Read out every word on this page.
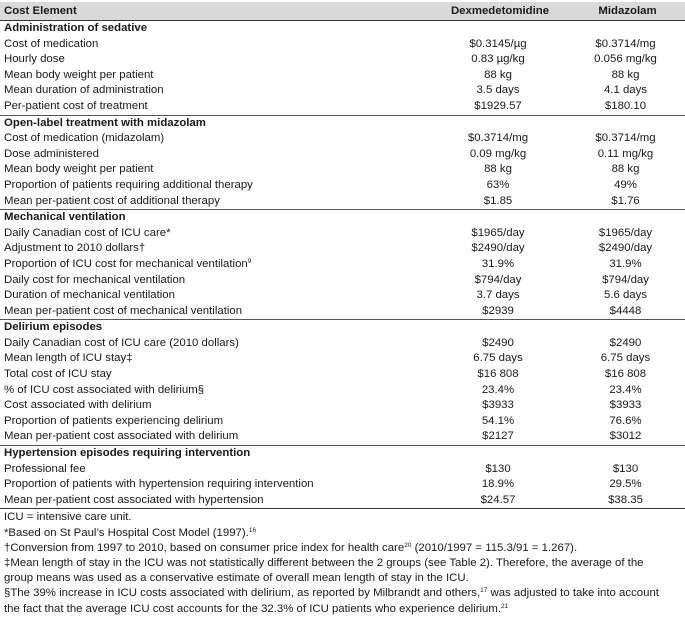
Cost Element	Dexmedetomidine	Midazolam
Administration of sedative		
Cost of medication	$0.3145/µg	$0.3714/mg
Hourly dose	0.83 µg/kg	0.056 mg/kg
Mean body weight per patient	88 kg	88 kg
Mean duration of administration	3.5 days	4.1 days
Per-patient cost of treatment	$1929.57	$180.10
Open-label treatment with midazolam		
Cost of medication (midazolam)	$0.3714/mg	$0.3714/mg
Dose administered	0.09 mg/kg	0.11 mg/kg
Mean body weight per patient	88 kg	88 kg
Proportion of patients requiring additional therapy	63%	49%
Mean per-patient cost of additional therapy	$1.85	$1.76
Mechanical ventilation		
Daily Canadian cost of ICU care*	$1965/day	$1965/day
Adjustment to 2010 dollars†	$2490/day	$2490/day
Proportion of ICU cost for mechanical ventilation$^9$	31.9%	31.9%
Daily cost for mechanical ventilation	$794/day	$794/day
Duration of mechanical ventilation	3.7 days	5.6 days
Mean per-patient cost of mechanical ventilation	$2939	$4448
Delirium episodes		
Daily Canadian cost of ICU care (2010 dollars)	$2490	$2490
Mean length of ICU stay‡	6.75 days	6.75 days
Total cost of ICU stay	$16 808	$16 808
% of ICU cost associated with delirium§	23.4%	23.4%
Cost associated with delirium	$3933	$3933
Proportion of patients experiencing delirium	54.1%	76.6%
Mean per-patient cost associated with delirium	$2127	$3012
Hypertension episodes requiring intervention		
Professional fee	$130	$130
Proportion of patients with hypertension requiring intervention	18.9%	29.5%
Mean per-patient cost associated with hypertension	$24.57	$38.35
ICU = intensive care unit.
*Based on St Paul’s Hospital Cost Model (1997).$^{16}$
†Conversion from 1997 to 2010, based on consumer price index for health care$^{20}$ (2010/1997 = 115.3/91 = 1.267).
‡Mean length of stay in the ICU was not statistically different between the 2 groups (see Table 2). Therefore, the average of the
group means was used as a conservative estimate of overall mean length of stay in the ICU.
§The 39% increase in ICU costs associated with delirium, as reported by Milbrandt and others,$^{17}$ was adjusted to take into account
the fact that the average ICU cost accounts for the 32.3% of ICU patients who experience delirium.$^{21}$
